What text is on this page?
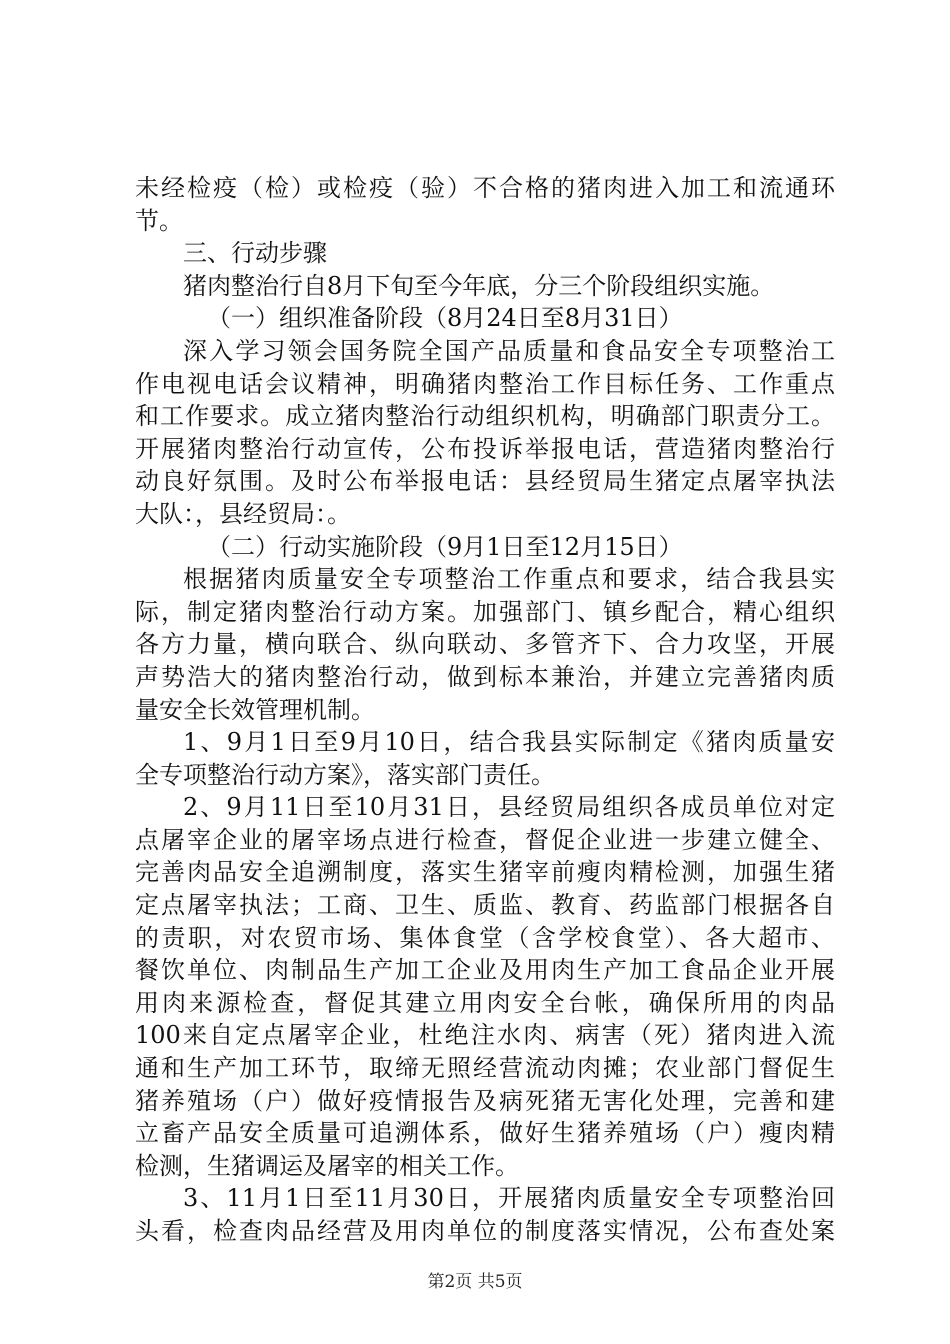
未经检疫（检）或检疫（验）不合格的猪肉进入加工和流通环
节。
三、行动步骤
猪肉整治行自8月下旬至今年底，分三个阶段组织实施。
（一）组织准备阶段（8月24日至8月31日）
深入学习领会国务院全国产品质量和食品安全专项整治工
作电视电话会议精神，明确猪肉整治工作目标任务、工作重点
和工作要求。成立猪肉整治行动组织机构，明确部门职责分工。
开展猪肉整治行动宣传，公布投诉举报电话，营造猪肉整治行
动良好氛围。及时公布举报电话：县经贸局生猪定点屠宰执法
大队：，县经贸局：。
（二）行动实施阶段（9月1日至12月15日）
根据猪肉质量安全专项整治工作重点和要求，结合我县实
际，制定猪肉整治行动方案。加强部门、镇乡配合，精心组织
各方力量，横向联合、纵向联动、多管齐下、合力攻坚，开展
声势浩大的猪肉整治行动，做到标本兼治，并建立完善猪肉质
量安全长效管理机制。
1、9月1日至9月10日，结合我县实际制定《猪肉质量安
全专项整治行动方案》，落实部门责任。
2、9月11日至10月31日，县经贸局组织各成员单位对定
点屠宰企业的屠宰场点进行检查，督促企业进一步建立健全、
完善肉品安全追溯制度，落实生猪宰前瘦肉精检测，加强生猪
定点屠宰执法；工商、卫生、质监、教育、药监部门根据各自
的责职，对农贸市场、集体食堂（含学校食堂）、各大超市、
餐饮单位、肉制品生产加工企业及用肉生产加工食品企业开展
用肉来源检查，督促其建立用肉安全台帐，确保所用的肉品
100来自定点屠宰企业，杜绝注水肉、病害（死）猪肉进入流
通和生产加工环节，取缔无照经营流动肉摊；农业部门督促生
猪养殖场（户）做好疫情报告及病死猪无害化处理，完善和建
立畜产品安全质量可追溯体系，做好生猪养殖场（户）瘦肉精
检测，生猪调运及屠宰的相关工作。
3、11月1日至11月30日，开展猪肉质量安全专项整治回
头看，检查肉品经营及用肉单位的制度落实情况，公布查处案
第2页 共5页
